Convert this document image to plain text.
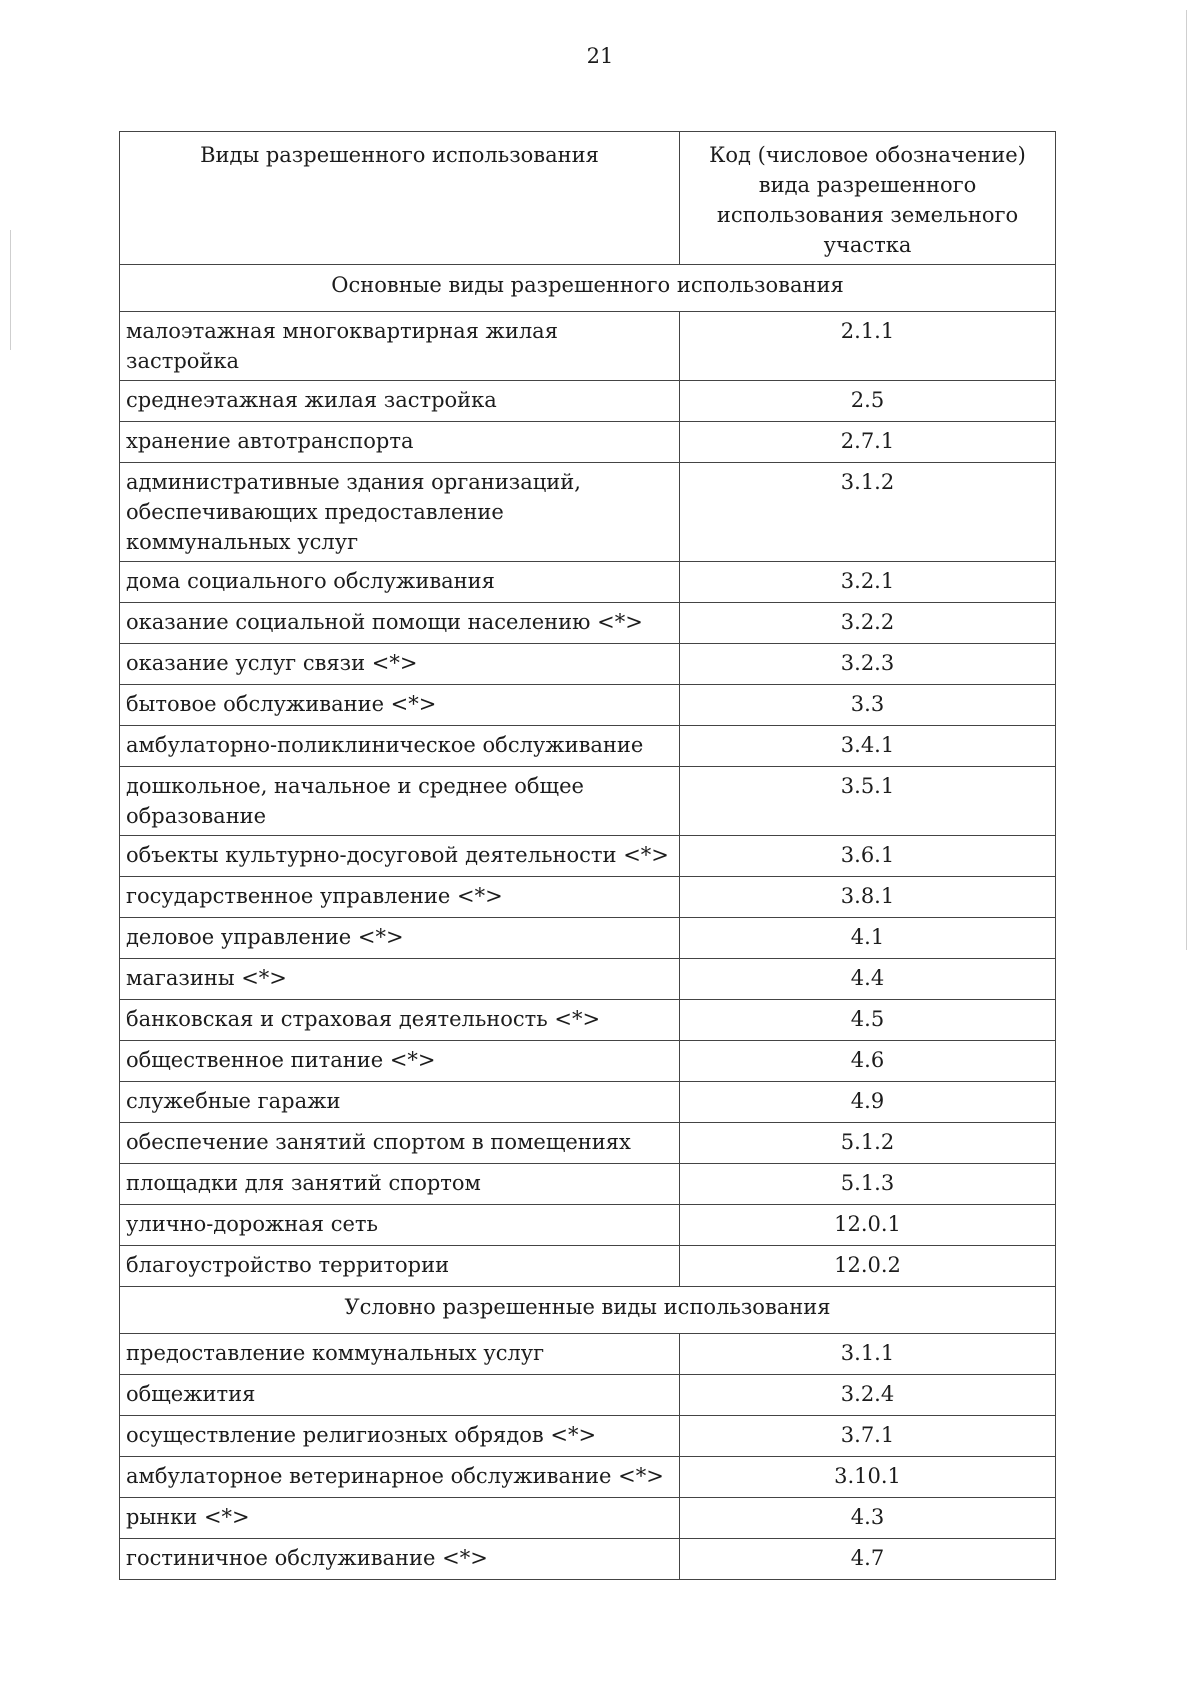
21
Виды разрешенного использования	Код (числовое обозначение) вида разрешенного использования земельного участка
Основные виды разрешенного использования	
малоэтажная многоквартирная жилая застройка	2.1.1
среднеэтажная жилая застройка	2.5
хранение автотранспорта	2.7.1
административные здания организаций, обеспечивающих предоставление коммунальных услуг	3.1.2
дома социального обслуживания	3.2.1
оказание социальной помощи населению <*>	3.2.2
оказание услуг связи <*>	3.2.3
бытовое обслуживание <*>	3.3
амбулаторно-поликлиническое обслуживание	3.4.1
дошкольное, начальное и среднее общее образование	3.5.1
объекты культурно-досуговой деятельности <*>	3.6.1
государственное управление <*>	3.8.1
деловое управление <*>	4.1
магазины <*>	4.4
банковская и страховая деятельность <*>	4.5
общественное питание <*>	4.6
служебные гаражи	4.9
обеспечение занятий спортом в помещениях	5.1.2
площадки для занятий спортом	5.1.3
улично-дорожная сеть	12.0.1
благоустройство территории	12.0.2
Условно разрешенные виды использования	
предоставление коммунальных услуг	3.1.1
общежития	3.2.4
осуществление религиозных обрядов <*>	3.7.1
амбулаторное ветеринарное обслуживание <*>	3.10.1
рынки <*>	4.3
гостиничное обслуживание <*>	4.7
